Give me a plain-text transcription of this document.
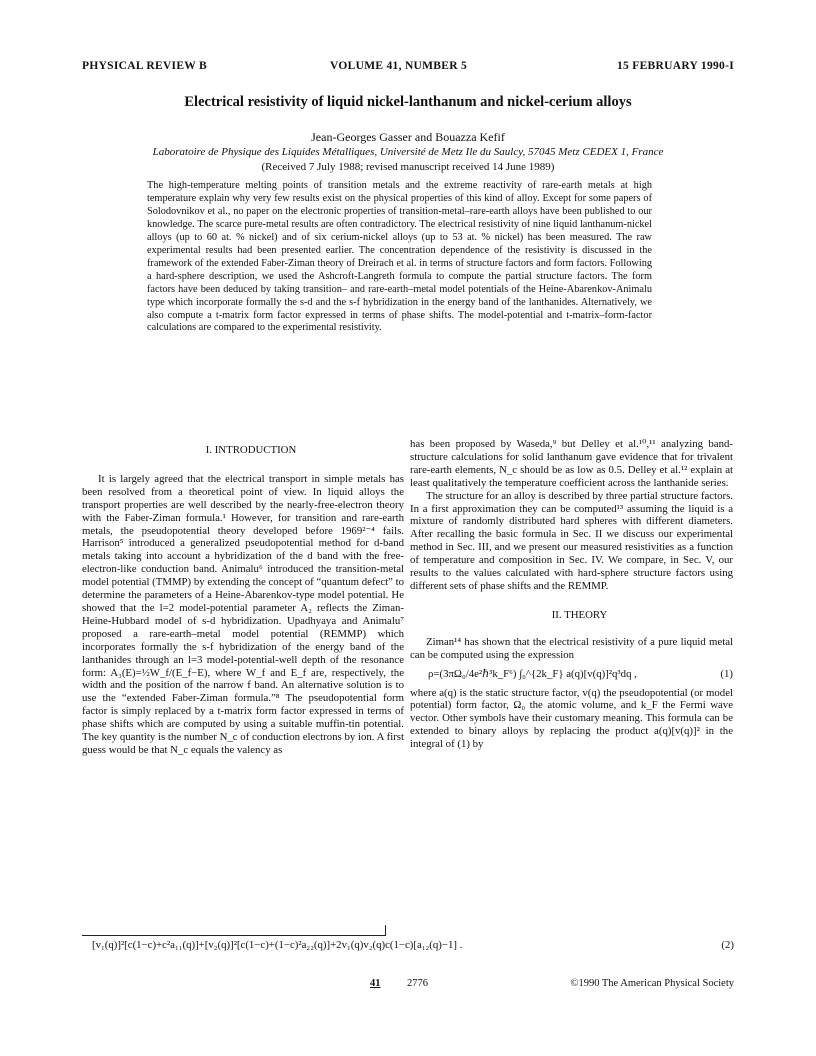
PHYSICAL REVIEW B	VOLUME 41, NUMBER 5	15 FEBRUARY 1990-I
Electrical resistivity of liquid nickel-lanthanum and nickel-cerium alloys
Jean-Georges Gasser and Bouazza Kefif
Laboratoire de Physique des Liquides Métalliques, Université de Metz Ile du Saulcy, 57045 Metz CEDEX 1, France
(Received 7 July 1988; revised manuscript received 14 June 1989)
The high-temperature melting points of transition metals and the extreme reactivity of rare-earth metals at high temperature explain why very few results exist on the physical properties of this kind of alloy. Except for some papers of Solodovnikov et al., no paper on the electronic properties of transition-metal–rare-earth alloys have been published to our knowledge. The scarce pure-metal results are often contradictory. The electrical resistivity of nine liquid lanthanum-nickel alloys (up to 60 at. % nickel) and of six cerium-nickel alloys (up to 53 at. % nickel) has been measured. The raw experimental results had been presented earlier. The concentration dependence of the resistivity is discussed in the framework of the extended Faber-Ziman theory of Dreirach et al. in terms of structure factors and form factors. Following a hard-sphere description, we used the Ashcroft-Langreth formula to compute the partial structure factors. The form factors have been deduced by taking transition– and rare-earth–metal model potentials of the Heine-Abarenkov-Animalu type which incorporate formally the s-d and the s-f hybridization in the energy band of the lanthanides. Alternatively, we also compute a t-matrix form factor expressed in terms of phase shifts. The model-potential and t-matrix–form-factor calculations are compared to the experimental resistivity.

I. INTRODUCTION

It is largely agreed that the electrical transport in simple metals has been resolved from a theoretical point of view. In liquid alloys the transport properties are well described by the nearly-free-electron theory with the Faber-Ziman formula.¹ However, for transition and rare-earth metals, the pseudopotential theory developed before 1969²⁻⁴ fails. Harrison⁵ introduced a generalized pseudopotential method for d-band metals taking into account a hybridization of the d band with the free-electron-like conduction band. Animalu⁶ introduced the transition-metal model potential (TMMP) by extending the concept of “quantum defect” to determine the parameters of a Heine-Abarenkov-type model potential. He showed that the l=2 model-potential parameter A₂ reflects the Ziman-Heine-Hubbard model of s-d hybridization. Upadhyaya and Animalu⁷ proposed a rare-earth–metal model potential (REMMP) which incorporates formally the s-f hybridization of the energy band of the lanthanides through an l=3 model-potential-well depth of the resonance form: A₃(E)=½W_f/(E_f−E), where W_f and E_f are, respectively, the width and the position of the narrow f band. An alternative solution is to use the “extended Faber-Ziman formula.”⁸ The pseudopotential form factor is simply replaced by a t-matrix form factor expressed in terms of phase shifts which are computed by using a suitable muffin-tin potential. The key quantity is the number N_c of conduction electrons by ion. A first guess would be that N_c equals the valency as

has been proposed by Waseda,⁹ but Delley et al.¹⁰,¹¹ analyzing band-structure calculations for solid lanthanum gave evidence that for trivalent rare-earth elements, N_c should be as low as 0.5. Delley et al.¹² explain at least qualitatively the temperature coefficient across the lanthanide series.

The structure for an alloy is described by three partial structure factors. In a first approximation they can be computed¹³ assuming the liquid is a mixture of randomly distributed hard spheres with different diameters. After recalling the basic formula in Sec. II we discuss our experimental method in Sec. III, and we present our measured resistivities as a function of temperature and composition in Sec. IV. We compare, in Sec. V, our results to the values calculated with hard-sphere structure factors using different sets of phase shifts and the REMMP.

II. THEORY

Ziman¹⁴ has shown that the electrical resistivity of a pure liquid metal can be computed using the expression

ρ=(3πΩ₀/4e²ℏ³k_F⁶) ∫₀^{2k_F} a(q)[v(q)]²q³dq ,	(1)

where a(q) is the static structure factor, v(q) the pseudopotential (or model potential) form factor, Ω₀ the atomic volume, and k_F the Fermi wave vector. Other symbols have their customary meaning. This formula can be extended to binary alloys by replacing the product a(q)[v(q)]² in the integral of (1) by

[v₁(q)]²[c(1−c)+c²a₁₁(q)]+[v₂(q)]²[c(1−c)+(1−c)²a₂₂(q)]+2v₁(q)v₂(q)c(1−c)[a₁₂(q)−1] .	(2)
41	2776	©1990 The American Physical Society
